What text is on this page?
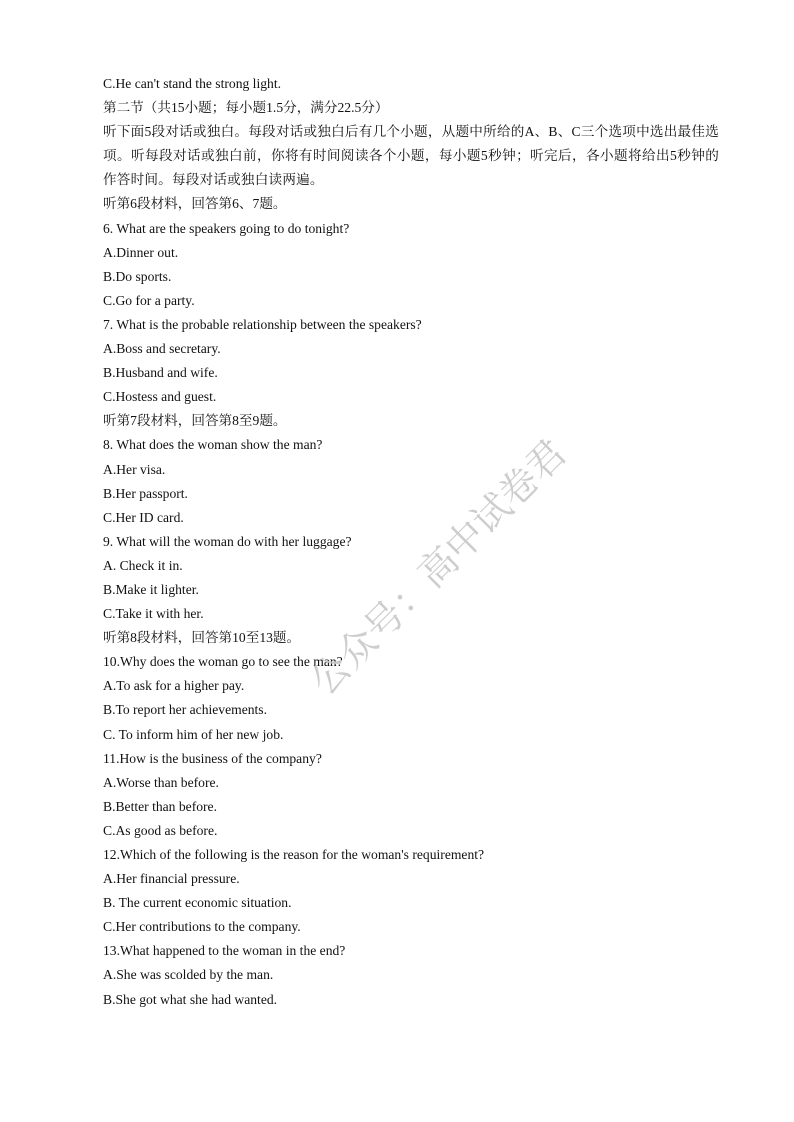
C.He can't stand the strong light.
第二节（共15小题；每小题1.5分，满分22.5分）
听下面5段对话或独白。每段对话或独白后有几个小题，从题中所给的A、B、C三个选项中选出最佳选项。听每段对话或独白前，你将有时间阅读各个小题，每小题5秒钟；听完后，各小题将给出5秒钟的作答时间。每段对话或独白读两遍。
听第6段材料，回答第6、7题。
6. What are the speakers going to do tonight?
A.Dinner out.
B.Do sports.
C.Go for a party.
7. What is the probable relationship between the speakers?
A.Boss and secretary.
B.Husband and wife.
C.Hostess and guest.
听第7段材料，回答第8至9题。
8. What does the woman show the man?
A.Her visa.
B.Her passport.
C.Her ID card.
9. What will the woman do with her luggage?
A. Check it in.
B.Make it lighter.
C.Take it with her.
听第8段材料，回答第10至13题。
10.Why does the woman go to see the man?
A.To ask for a higher pay.
B.To report her achievements.
C. To inform him of her new job.
11.How is the business of the company?
A.Worse than before.
B.Better than before.
C.As good as before.
12.Which of the following is the reason for the woman's requirement?
A.Her financial pressure.
B. The current economic situation.
C.Her contributions to the company.
13.What happened to the woman in the end?
A.She was scolded by the man.
B.She got what she had wanted.
公众号：高中试卷君
